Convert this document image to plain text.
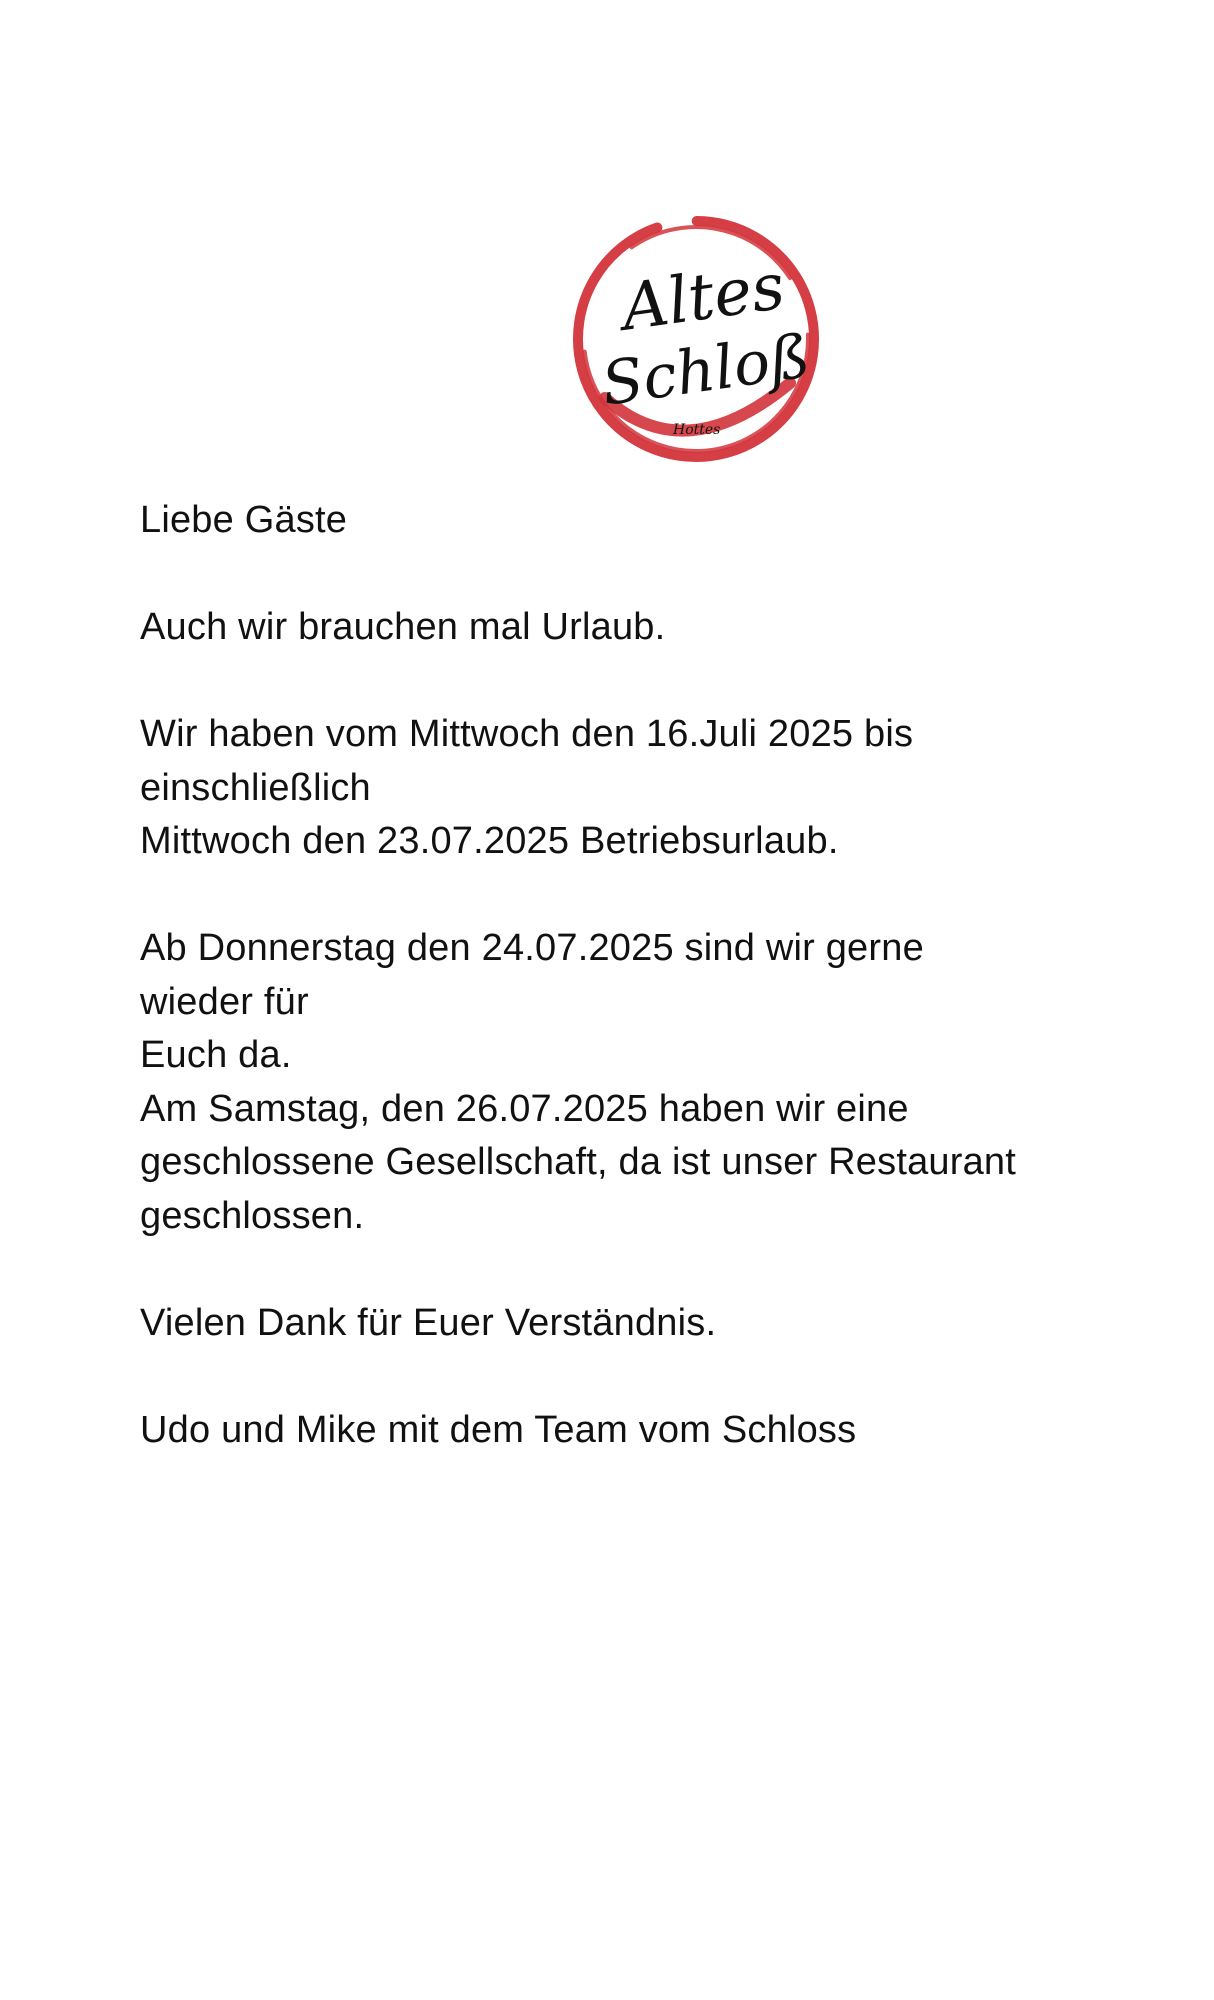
Altes
Schloß
Hottes
Liebe Gäste
Auch wir brauchen mal Urlaub.
Wir haben vom Mittwoch den 16.Juli 2025 bis
einschließlich
Mittwoch den 23.07.2025 Betriebsurlaub.
Ab Donnerstag den 24.07.2025 sind wir gerne
wieder für
Euch da.
Am Samstag, den 26.07.2025 haben wir eine
geschlossene Gesellschaft, da ist unser Restaurant
geschlossen.
Vielen Dank für Euer Verständnis.
Udo und Mike mit dem Team vom Schloss
